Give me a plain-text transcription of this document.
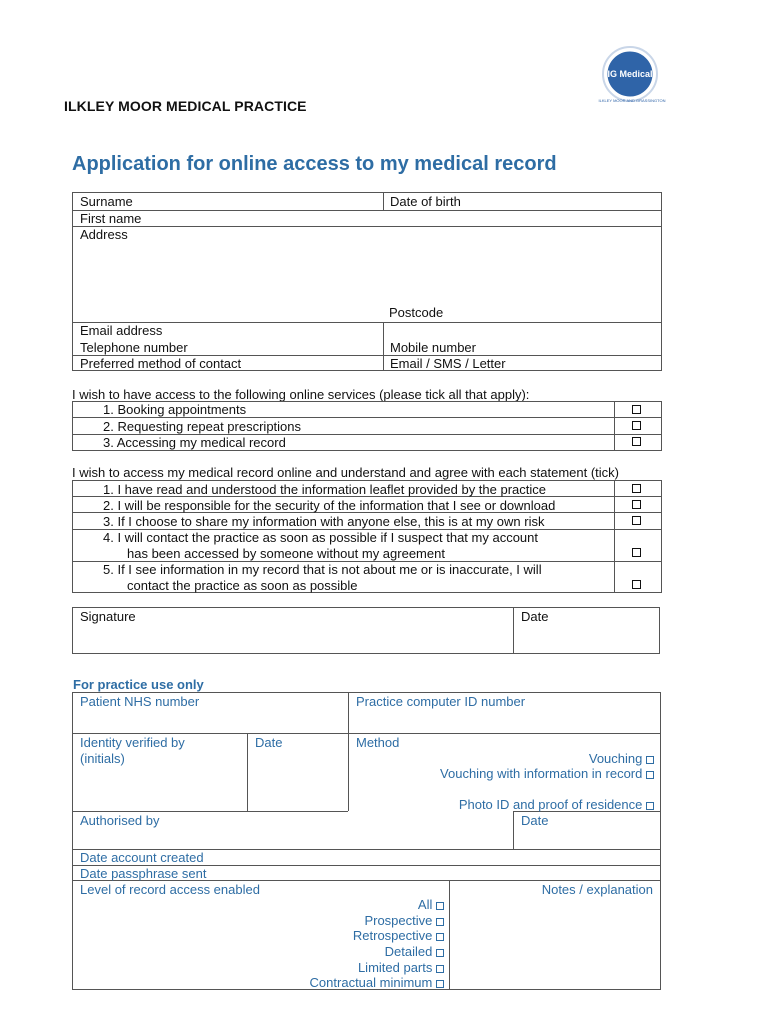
ILKLEY MOOR MEDICAL PRACTICE
IG Medical
ILKLEY MOOR AND GRASSINGTON
Application for online access to my medical record
Surname	Date of birth
First name
Address
Postcode
Email address
Telephone number	Mobile number
Preferred method of contact	Email / SMS / Letter
I wish to have access to the following online services (please tick all that apply):
1. Booking appointments
2. Requesting repeat prescriptions
3. Accessing my medical record
I wish to access my medical record online and understand and agree with each statement (tick)
1. I have read and understood the information leaflet provided by the practice
2. I will be responsible for the security of the information that I see or download
3. If I choose to share my information with anyone else, this is at my own risk
4. I will contact the practice as soon as possible if I suspect that my account
has been accessed by someone without my agreement
5. If I see information in my record that is not about me or is inaccurate, I will
contact the practice as soon as possible
Signature	Date
For practice use only
Patient NHS number	Practice computer ID number
Identity verified by
(initials)
Date	Method
Vouching
Vouching with information in record
Photo ID and proof of residence
Authorised by	Date
Date account created
Date passphrase sent
Level of record access enabled	Notes / explanation
All
Prospective
Retrospective
Detailed
Limited parts
Contractual minimum
